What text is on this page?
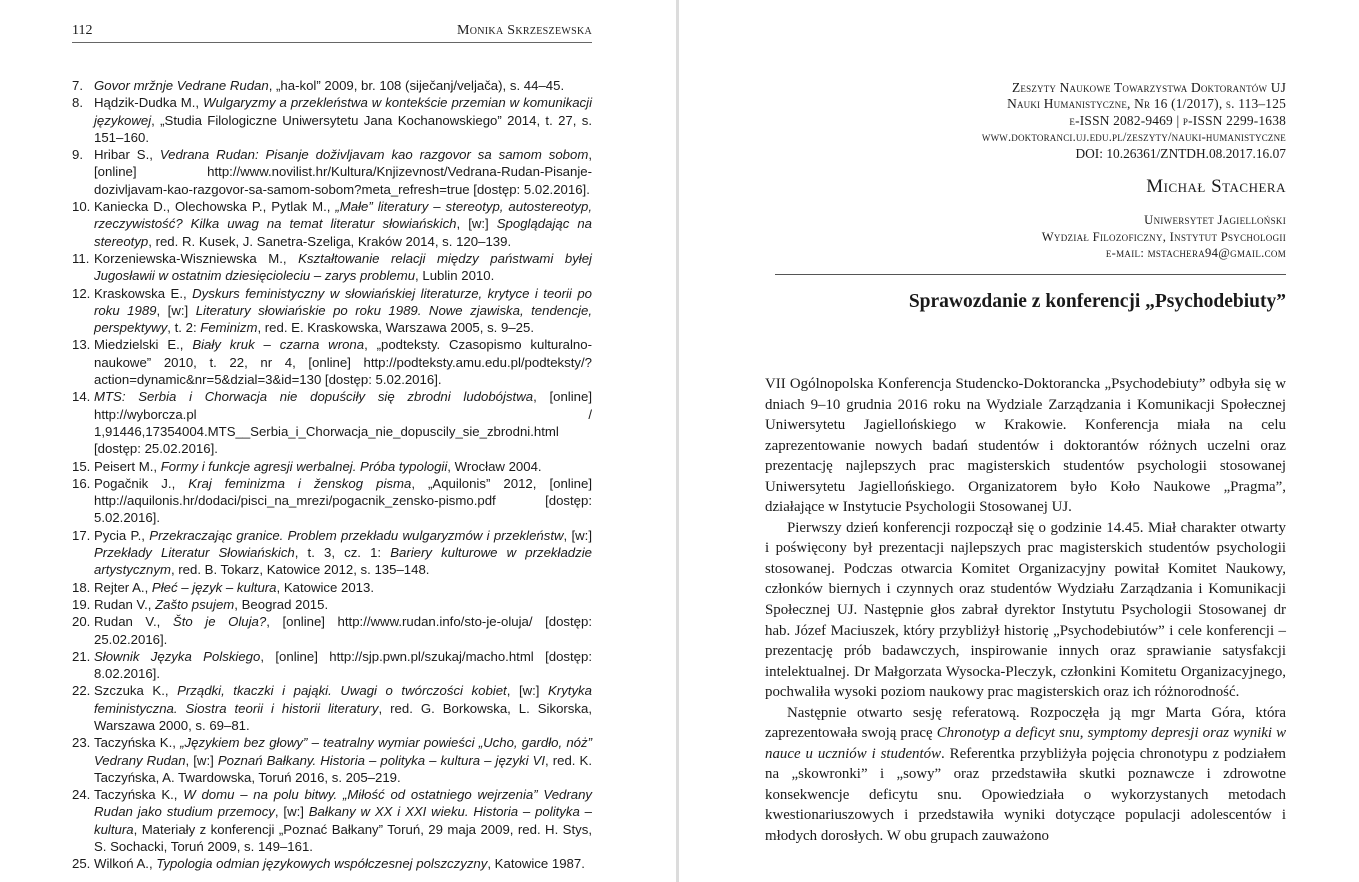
112	Monika Skrzeszewska
7. Govor mržnje Vedrane Rudan, „ha-kol” 2009, br. 108 (siječanj/veljača), s. 44–45.
8. Hądzik-Dudka M., Wulgaryzmy a przekleństwa w kontekście przemian w komunikacji językowej, „Studia Filologiczne Uniwersytetu Jana Kochanowskiego” 2014, t. 27, s. 151–160.
9. Hribar S., Vedrana Rudan: Pisanje doživljavam kao razgovor sa samom sobom, [online] http://www.novilist.hr/Kultura/Knjizevnost/Vedrana-Rudan-Pisanje-dozivljavam-kao-razgovor-sa-samom-sobom?meta_refresh=true [dostęp: 5.02.2016].
10. Kaniecka D., Olechowska P., Pytlak M., „Małe” literatury – stereotyp, autostereotyp, rzeczywistość? Kilka uwag na temat literatur słowiańskich, [w:] Spoglądając na stereotyp, red. R. Kusek, J. Sanetra-Szeliga, Kraków 2014, s. 120–139.
11. Korzeniewska-Wiszniewska M., Kształtowanie relacji między państwami byłej Jugosławii w ostatnim dziesięcioleciu – zarys problemu, Lublin 2010.
12. Kraskowska E., Dyskurs feministyczny w słowiańskiej literaturze, krytyce i teorii po roku 1989, [w:] Literatury słowiańskie po roku 1989. Nowe zjawiska, tendencje, perspektywy, t. 2: Feminizm, red. E. Kraskowska, Warszawa 2005, s. 9–25.
13. Miedzielski E., Biały kruk – czarna wrona, „podteksty. Czasopismo kulturalno-naukowe” 2010, t. 22, nr 4, [online] http://podteksty.amu.edu.pl/podteksty/?action=dynamic&nr=5&dzial=3&id=130 [dostęp: 5.02.2016].
14. MTS: Serbia i Chorwacja nie dopuściły się zbrodni ludobójstwa, [online] http://wyborcza.pl / 1,91446,17354004.MTS__Serbia_i_Chorwacja_nie_dopuscily_sie_zbrodni.html [dostęp: 25.02.2016].
15. Peisert M., Formy i funkcje agresji werbalnej. Próba typologii, Wrocław 2004.
16. Pogačnik J., Kraj feminizma i ženskog pisma, „Aquilonis” 2012, [online] http://aquilonis.hr/dodaci/pisci_na_mrezi/pogacnik_zensko-pismo.pdf [dostęp: 5.02.2016].
17. Pycia P., Przekraczając granice. Problem przekładu wulgaryzmów i przekleństw, [w:] Przekłady Literatur Słowiańskich, t. 3, cz. 1: Bariery kulturowe w przekładzie artystycznym, red. B. Tokarz, Katowice 2012, s. 135–148.
18. Rejter A., Płeć – język – kultura, Katowice 2013.
19. Rudan V., Zašto psujem, Beograd 2015.
20. Rudan V., Što je Oluja?, [online] http://www.rudan.info/sto-je-oluja/ [dostęp: 25.02.2016].
21. Słownik Języka Polskiego, [online] http://sjp.pwn.pl/szukaj/macho.html [dostęp: 8.02.2016].
22. Szczuka K., Prządki, tkaczki i pająki. Uwagi o twórczości kobiet, [w:] Krytyka feministyczna. Siostra teorii i historii literatury, red. G. Borkowska, L. Sikorska, Warszawa 2000, s. 69–81.
23. Taczyńska K., „Językiem bez głowy” – teatralny wymiar powieści „Ucho, gardło, nóż” Vedrany Rudan, [w:] Poznań Bałkany. Historia – polityka – kultura – języki VI, red. K. Taczyńska, A. Twardowska, Toruń 2016, s. 205–219.
24. Taczyńska K., W domu – na polu bitwy. „Miłość od ostatniego wejrzenia” Vedrany Rudan jako studium przemocy, [w:] Bałkany w XX i XXI wieku. Historia – polityka – kultura, Materiały z konferencji „Poznać Bałkany” Toruń, 29 maja 2009, red. H. Stys, S. Sochacki, Toruń 2009, s. 149–161.
25. Wilkoń A., Typologia odmian językowych współczesnej polszczyzny, Katowice 1987.
Zeszyty Naukowe Towarzystwa Doktorantów UJ
Nauki Humanistyczne, Nr 16 (1/2017), s. 113–125
e-ISSN 2082-9469 | p-ISSN 2299-1638
www.doktoranci.uj.edu.pl/zeszyty/nauki-humanistyczne
DOI: 10.26361/ZNTDH.08.2017.16.07
Michał Stachera
Uniwersytet Jagielloński
Wydział Filozoficzny, Instytut Psychologii
e-mail: mstachera94@gmail.com
Sprawozdanie z konferencji „Psychodebiuty”

VII Ogólnopolska Konferencja Studencko-Doktorancka „Psychodebiuty” odbyła się w dniach 9–10 grudnia 2016 roku na Wydziale Zarządzania i Komunikacji Społecznej Uniwersytetu Jagiellońskiego w Krakowie. Konferencja miała na celu zaprezentowanie nowych badań studentów i doktorantów różnych uczelni oraz prezentację najlepszych prac magisterskich studentów psychologii stosowanej Uniwersytetu Jagiellońskiego. Organizatorem było Koło Naukowe „Pragma”, działające w Instytucie Psychologii Stosowanej UJ.

Pierwszy dzień konferencji rozpoczął się o godzinie 14.45. Miał charakter otwarty i poświęcony był prezentacji najlepszych prac magisterskich studentów psychologii stosowanej. Podczas otwarcia Komitet Organizacyjny powitał Komitet Naukowy, członków biernych i czynnych oraz studentów Wydziału Zarządzania i Komunikacji Społecznej UJ. Następnie głos zabrał dyrektor Instytutu Psychologii Stosowanej dr hab. Józef Maciuszek, który przybliżył historię „Psychodebiutów” i cele konferencji – prezentację prób badawczych, inspirowanie innych oraz sprawianie satysfakcji intelektualnej. Dr Małgorzata Wysocka-Pleczyk, członkini Komitetu Organizacyjnego, pochwaliła wysoki poziom naukowy prac magisterskich oraz ich różnorodność.

Następnie otwarto sesję referatową. Rozpoczęła ją mgr Marta Góra, która zaprezentowała swoją pracę Chronotyp a deficyt snu, symptomy depresji oraz wyniki w nauce u uczniów i studentów. Referentka przybliżyła pojęcia chronotypu z podziałem na „skowronki” i „sowy” oraz przedstawiła skutki poznawcze i zdrowotne konsekwencje deficytu snu. Opowiedziała o wykorzystanych metodach kwestionariuszowych i przedstawiła wyniki dotyczące populacji adolescentów i młodych dorosłych. W obu grupach zauważono
